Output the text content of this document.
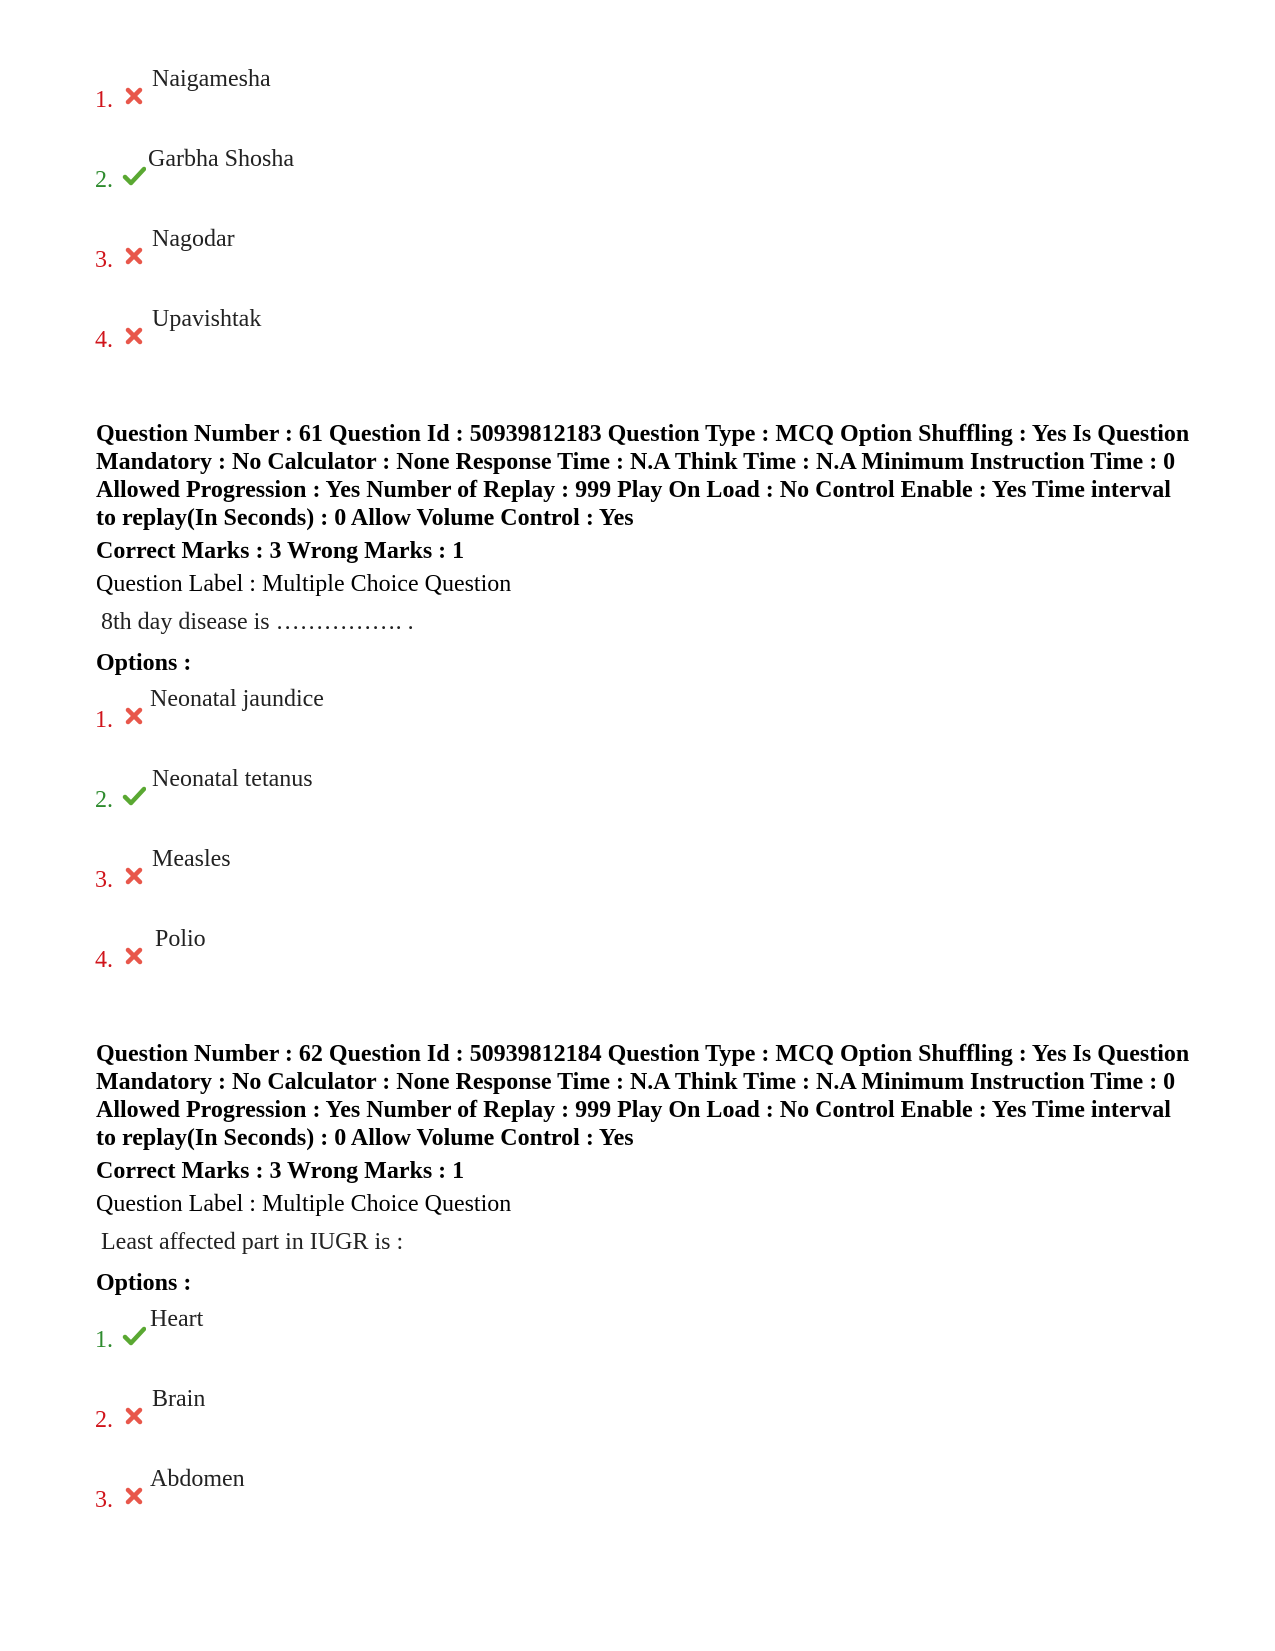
1.
Naigamesha
2.
Garbha Shosha
3.
Nagodar
4.
Upavishtak

Question Number : 61 Question Id : 50939812183 Question Type : MCQ Option Shuffling : Yes Is Question Mandatory : No Calculator : None Response Time : N.A Think Time : N.A Minimum Instruction Time : 0 Allowed Progression : Yes Number of Replay : 999 Play On Load : No Control Enable : Yes Time interval to replay(In Seconds) : 0 Allow Volume Control : Yes

Correct Marks : 3 Wrong Marks : 1
Question Label : Multiple Choice Question
8th day disease is ……………. .
Options :
1.
Neonatal jaundice
2.
Neonatal tetanus
3.
Measles
4.
Polio

Question Number : 62 Question Id : 50939812184 Question Type : MCQ Option Shuffling : Yes Is Question Mandatory : No Calculator : None Response Time : N.A Think Time : N.A Minimum Instruction Time : 0 Allowed Progression : Yes Number of Replay : 999 Play On Load : No Control Enable : Yes Time interval to replay(In Seconds) : 0 Allow Volume Control : Yes

Correct Marks : 3 Wrong Marks : 1
Question Label : Multiple Choice Question
Least affected part in IUGR is :
Options :
1.
Heart
2.
Brain
3.
Abdomen
